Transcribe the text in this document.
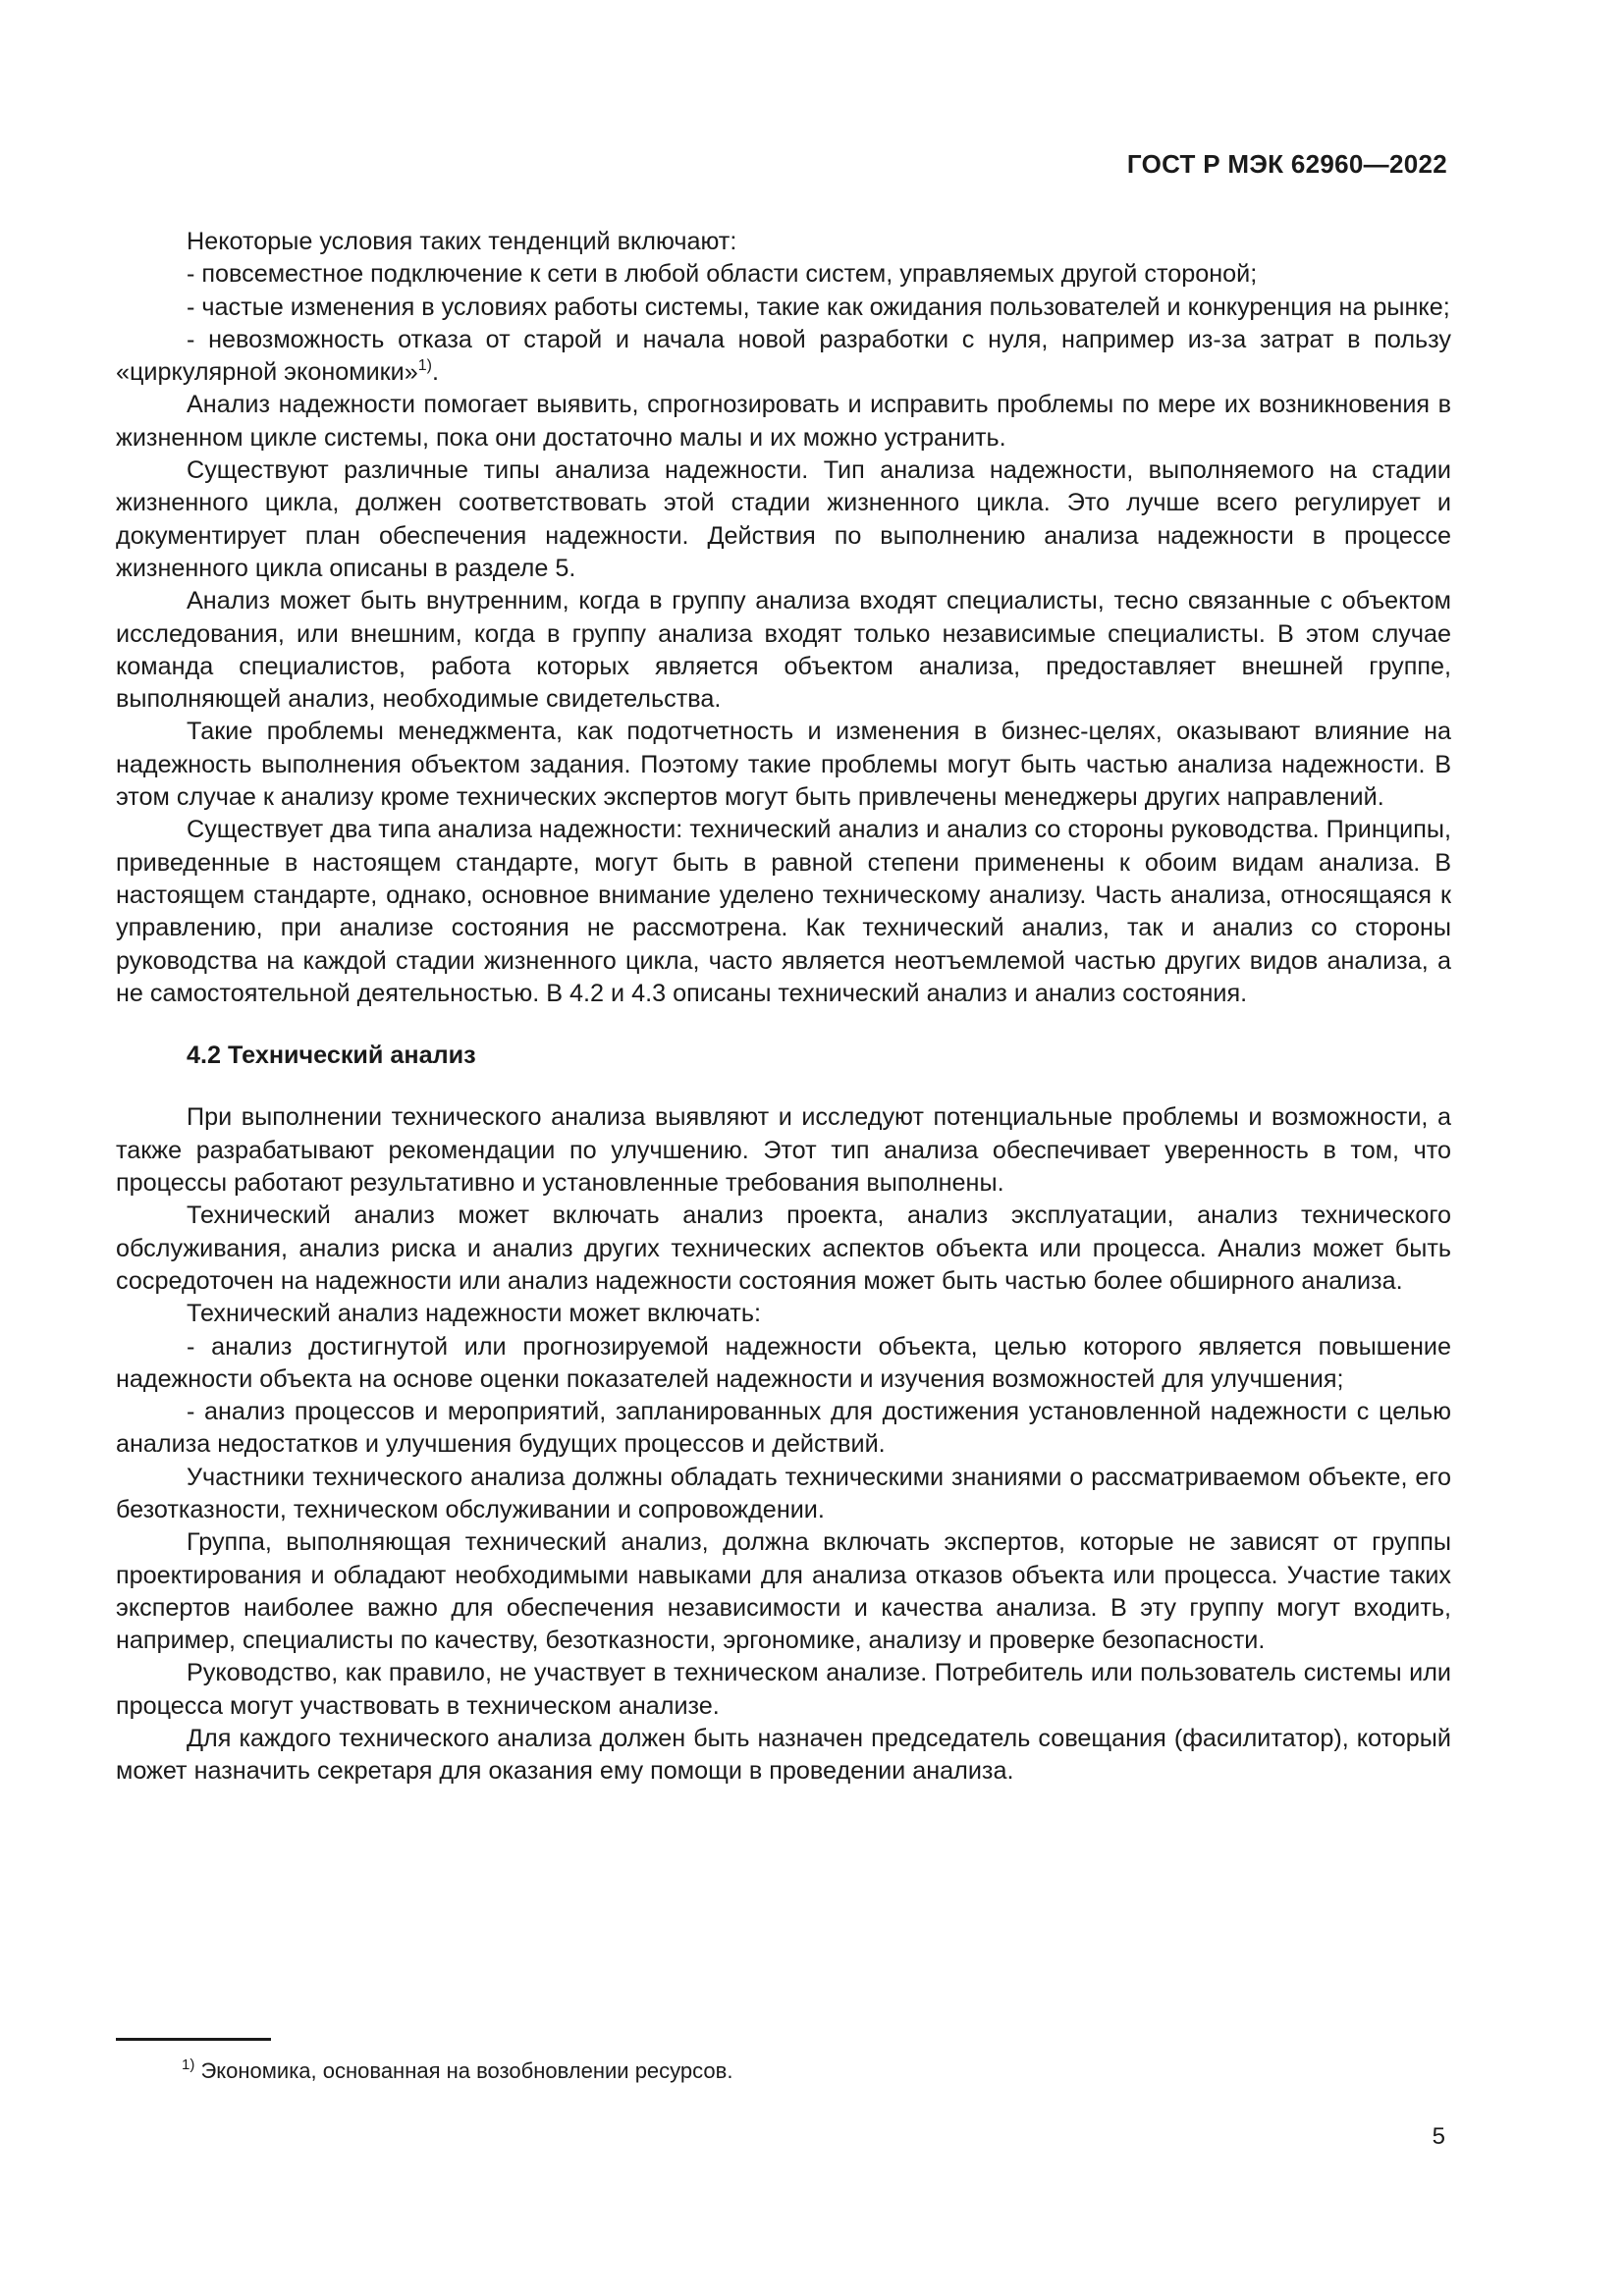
ГОСТ Р МЭК 62960—2022

Некоторые условия таких тенденций включают:

- повсеместное подключение к сети в любой области систем, управляемых другой стороной;

- частые изменения в условиях работы системы, такие как ожидания пользователей и конкуренция на рынке;

- невозможность отказа от старой и начала новой разработки с нуля, например из-за затрат в пользу «циркулярной экономики»$^{1)}$.

Анализ надежности помогает выявить, спрогнозировать и исправить проблемы по мере их возникновения в жизненном цикле системы, пока они достаточно малы и их можно устранить.

Существуют различные типы анализа надежности. Тип анализа надежности, выполняемого на стадии жизненного цикла, должен соответствовать этой стадии жизненного цикла. Это лучше всего регулирует и документирует план обеспечения надежности. Действия по выполнению анализа надежности в процессе жизненного цикла описаны в разделе 5.

Анализ может быть внутренним, когда в группу анализа входят специалисты, тесно связанные с объектом исследования, или внешним, когда в группу анализа входят только независимые специалисты. В этом случае команда специалистов, работа которых является объектом анализа, предоставляет внешней группе, выполняющей анализ, необходимые свидетельства.

Такие проблемы менеджмента, как подотчетность и изменения в бизнес-целях, оказывают влияние на надежность выполнения объектом задания. Поэтому такие проблемы могут быть частью анализа надежности. В этом случае к анализу кроме технических экспертов могут быть привлечены менеджеры других направлений.

Существует два типа анализа надежности: технический анализ и анализ со стороны руководства. Принципы, приведенные в настоящем стандарте, могут быть в равной степени применены к обоим видам анализа. В настоящем стандарте, однако, основное внимание уделено техническому анализу. Часть анализа, относящаяся к управлению, при анализе состояния не рассмотрена. Как технический анализ, так и анализ со стороны руководства на каждой стадии жизненного цикла, часто является неотъемлемой частью других видов анализа, а не самостоятельной деятельностью. В 4.2 и 4.3 описаны технический анализ и анализ состояния.

4.2 Технический анализ

При выполнении технического анализа выявляют и исследуют потенциальные проблемы и возможности, а также разрабатывают рекомендации по улучшению. Этот тип анализа обеспечивает уверенность в том, что процессы работают результативно и установленные требования выполнены.

Технический анализ может включать анализ проекта, анализ эксплуатации, анализ технического обслуживания, анализ риска и анализ других технических аспектов объекта или процесса. Анализ может быть сосредоточен на надежности или анализ надежности состояния может быть частью более обширного анализа.

Технический анализ надежности может включать:

- анализ достигнутой или прогнозируемой надежности объекта, целью которого является повышение надежности объекта на основе оценки показателей надежности и изучения возможностей для улучшения;

- анализ процессов и мероприятий, запланированных для достижения установленной надежности с целью анализа недостатков и улучшения будущих процессов и действий.

Участники технического анализа должны обладать техническими знаниями о рассматриваемом объекте, его безотказности, техническом обслуживании и сопровождении.

Группа, выполняющая технический анализ, должна включать экспертов, которые не зависят от группы проектирования и обладают необходимыми навыками для анализа отказов объекта или процесса. Участие таких экспертов наиболее важно для обеспечения независимости и качества анализа. В эту группу могут входить, например, специалисты по качеству, безотказности, эргономике, анализу и проверке безопасности.

Руководство, как правило, не участвует в техническом анализе. Потребитель или пользователь системы или процесса могут участвовать в техническом анализе.

Для каждого технического анализа должен быть назначен председатель совещания (фасилитатор), который может назначить секретаря для оказания ему помощи в проведении анализа.

$^{1)}$ Экономика, основанная на возобновлении ресурсов.
5
